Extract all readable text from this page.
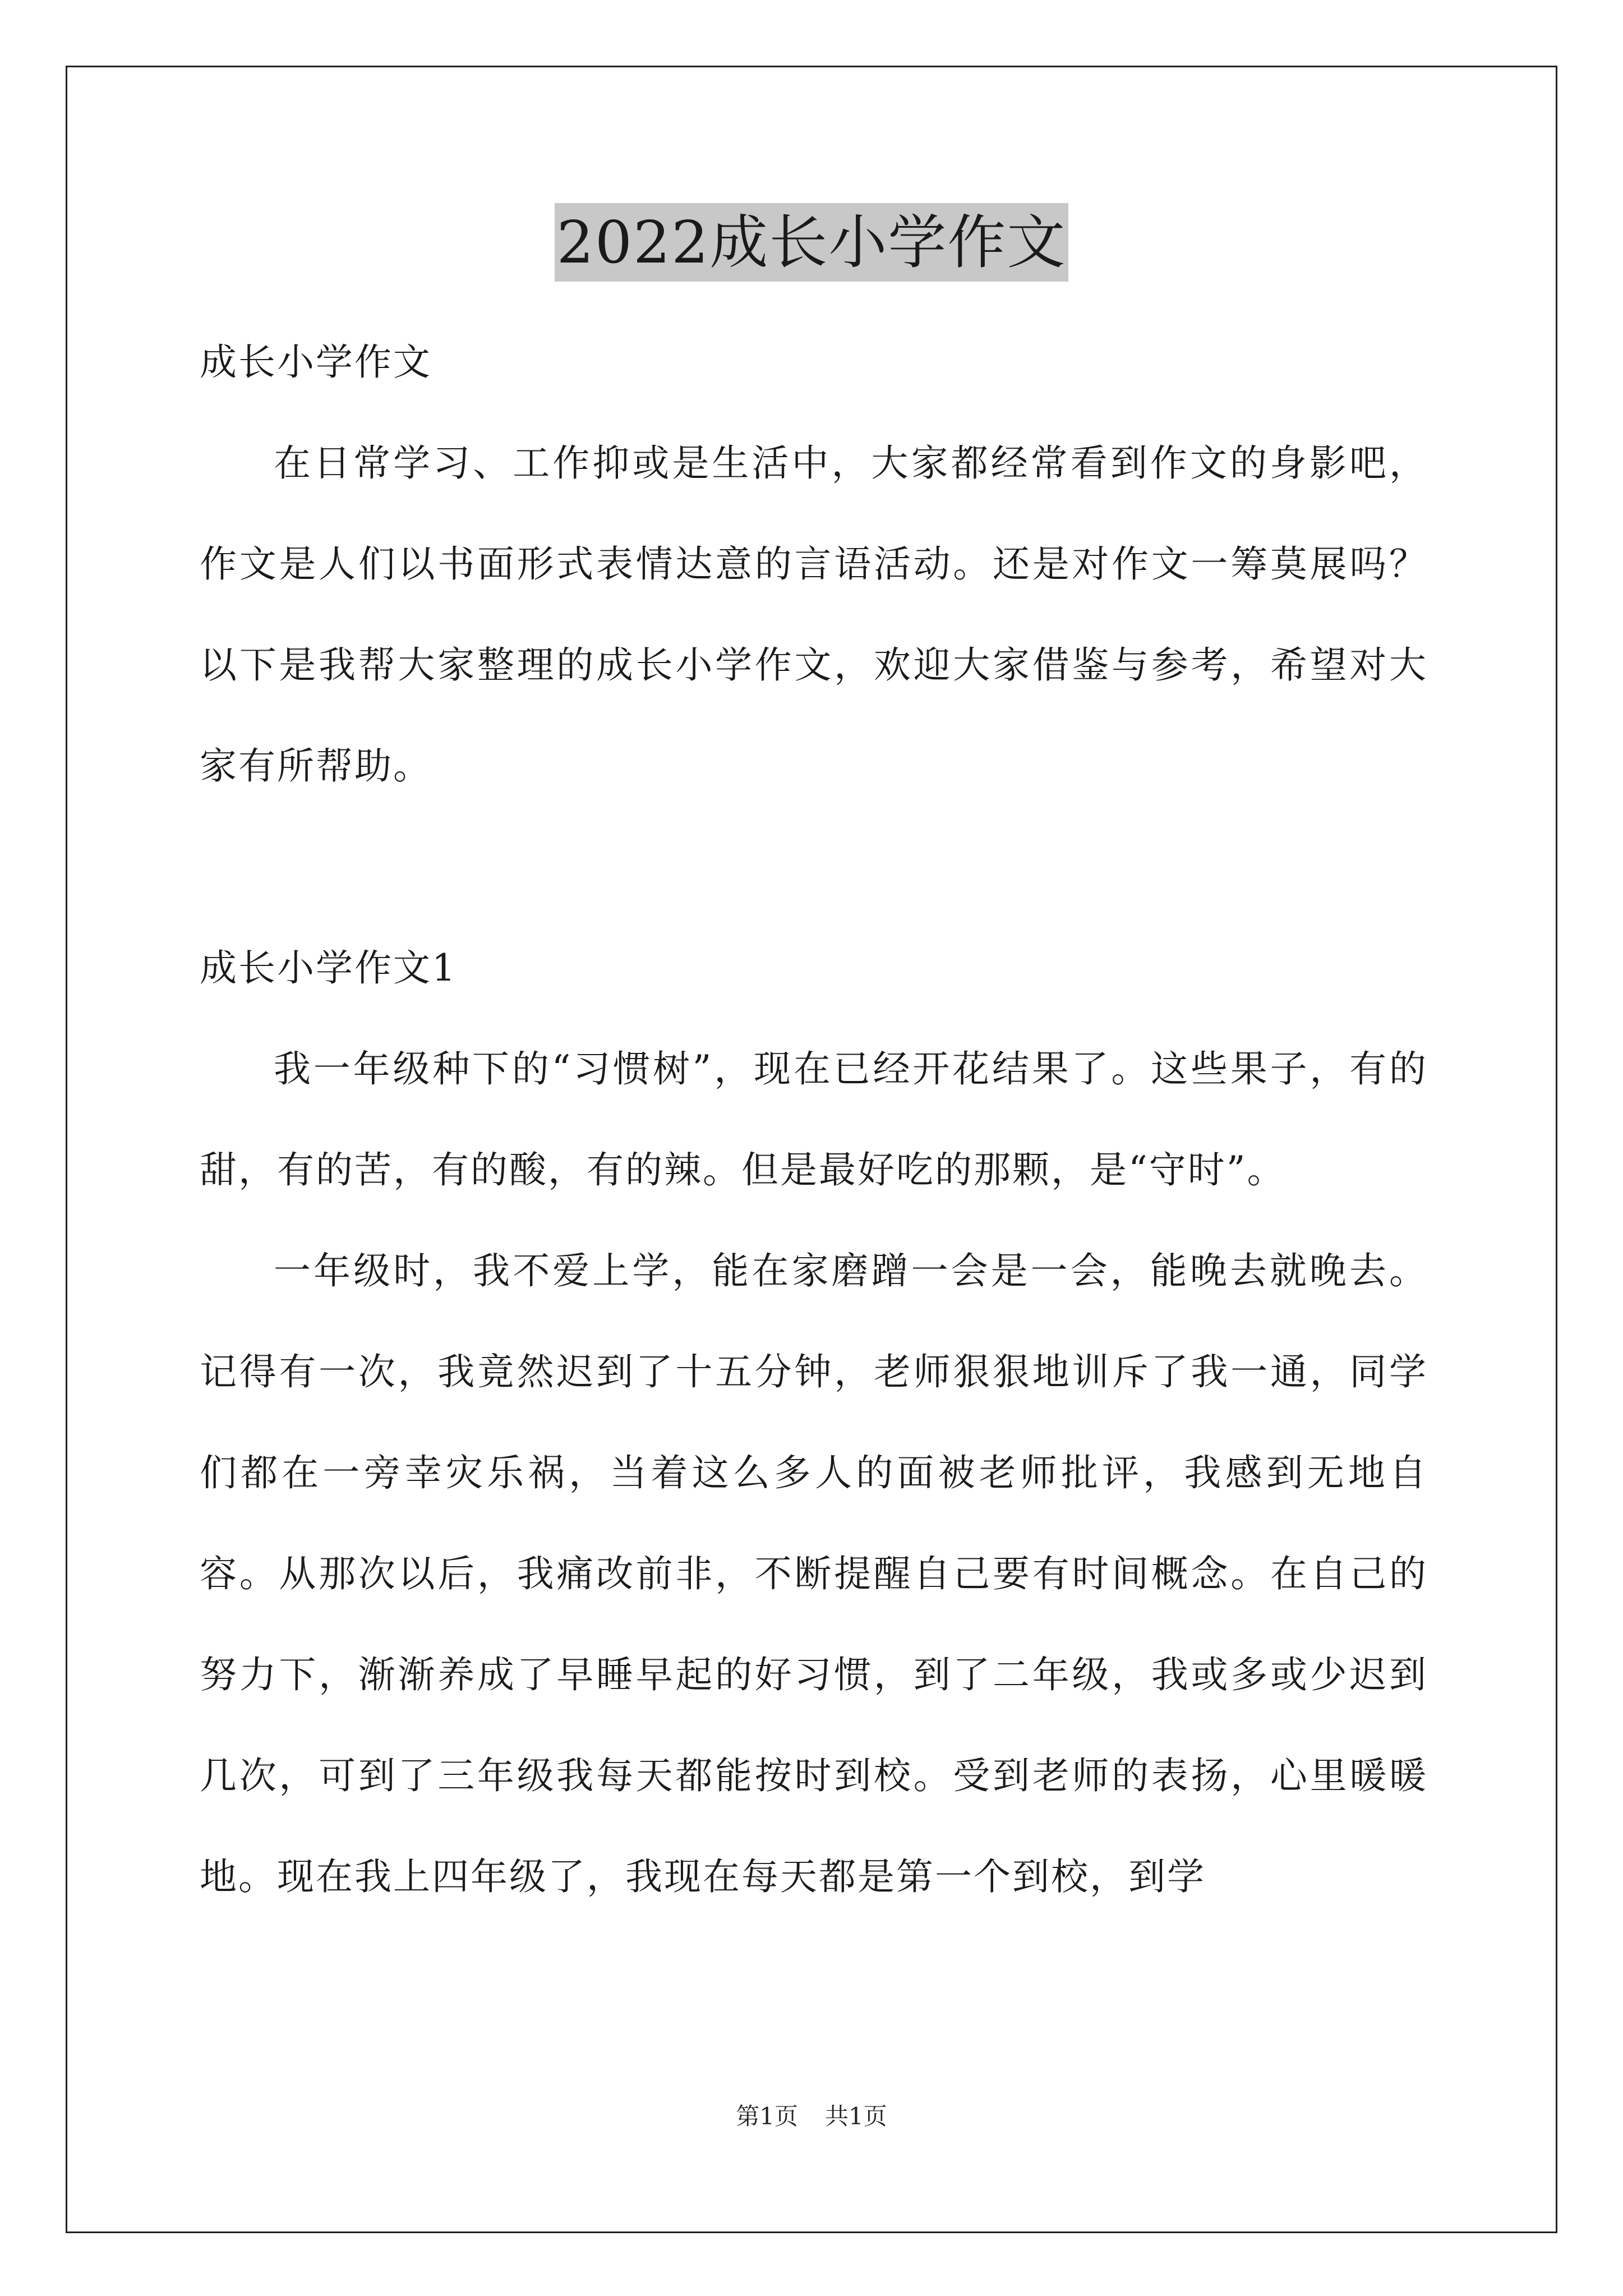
2022成长小学作文

成长小学作文

在日常学习、工作抑或是生活中，大家都经常看到作文的身影吧，作文是人们以书面形式表情达意的言语活动。还是对作文一筹莫展吗？以下是我帮大家整理的成长小学作文，欢迎大家借鉴与参考，希望对大家有所帮助。

成长小学作文1

我一年级种下的“习惯树”，现在已经开花结果了。这些果子，有的甜，有的苦，有的酸，有的辣。但是最好吃的那颗，是“守时”。

一年级时，我不爱上学，能在家磨蹭一会是一会，能晚去就晚去。记得有一次，我竟然迟到了十五分钟，老师狠狠地训斥了我一通，同学们都在一旁幸灾乐祸，当着这么多人的面被老师批评，我感到无地自容。从那次以后，我痛改前非，不断提醒自己要有时间概念。在自己的努力下，渐渐养成了早睡早起的好习惯，到了二年级，我或多或少迟到几次，可到了三年级我每天都能按时到校。受到老师的表扬，心里暖暖地。现在我上四年级了，我现在每天都是第一个到校，到学

第1页 共1页
